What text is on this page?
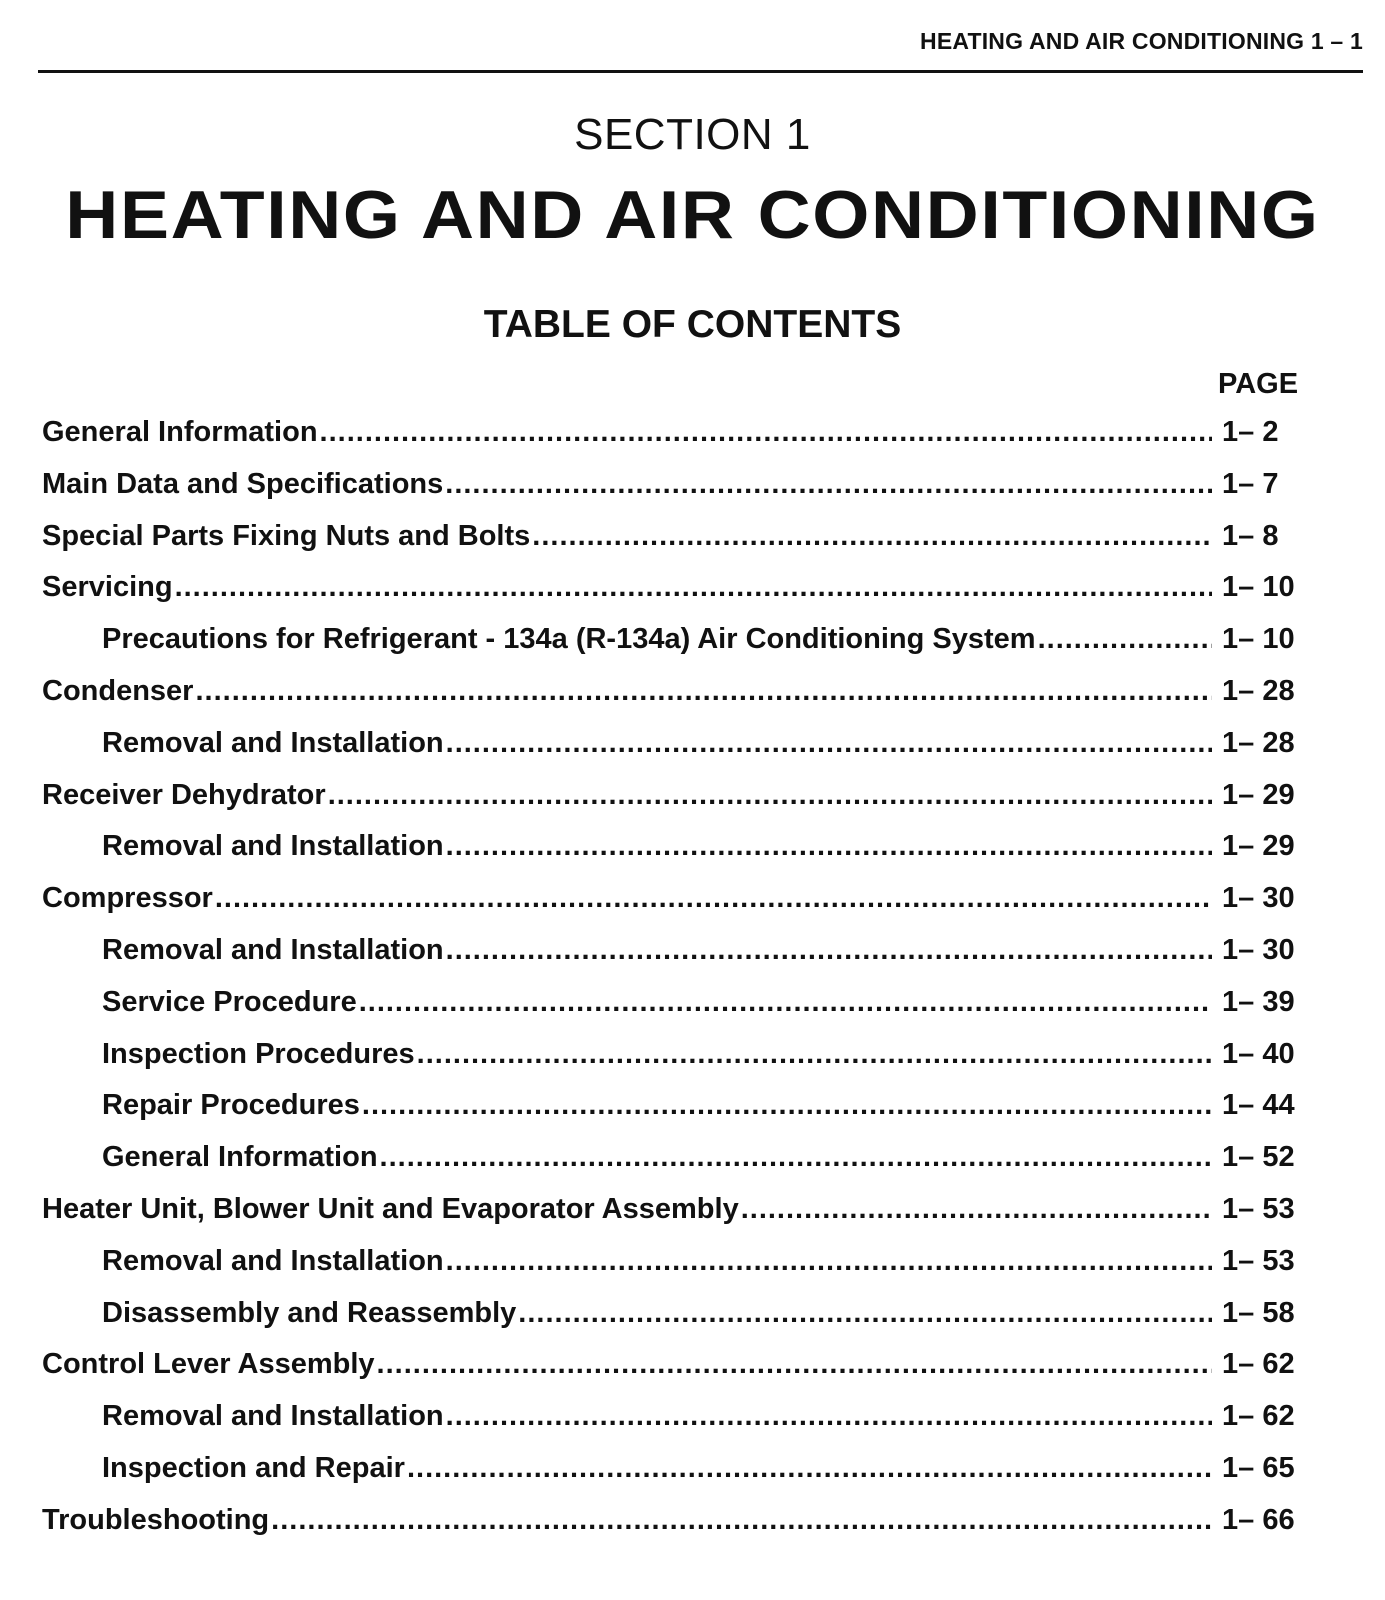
HEATING AND AIR CONDITIONING 1 – 1
SECTION 1
HEATING AND AIR CONDITIONING
TABLE OF CONTENTS
PAGE
General Information .....	1– 2
Main Data and Specifications .....	1– 7
Special Parts Fixing Nuts and Bolts .....	1– 8
Servicing .....	1– 10
Precautions for Refrigerant - 134a (R-134a) Air Conditioning System .....	1– 10
Condenser .....	1– 28
Removal and Installation .....	1– 28
Receiver Dehydrator .....	1– 29
Removal and Installation .....	1– 29
Compressor .....	1– 30
Removal and Installation .....	1– 30
Service Procedure .....	1– 39
Inspection Procedures .....	1– 40
Repair Procedures .....	1– 44
General Information .....	1– 52
Heater Unit, Blower Unit and Evaporator Assembly .....	1– 53
Removal and Installation .....	1– 53
Disassembly and Reassembly .....	1– 58
Control Lever Assembly .....	1– 62
Removal and Installation .....	1– 62
Inspection and Repair .....	1– 65
Troubleshooting .....	1– 66
